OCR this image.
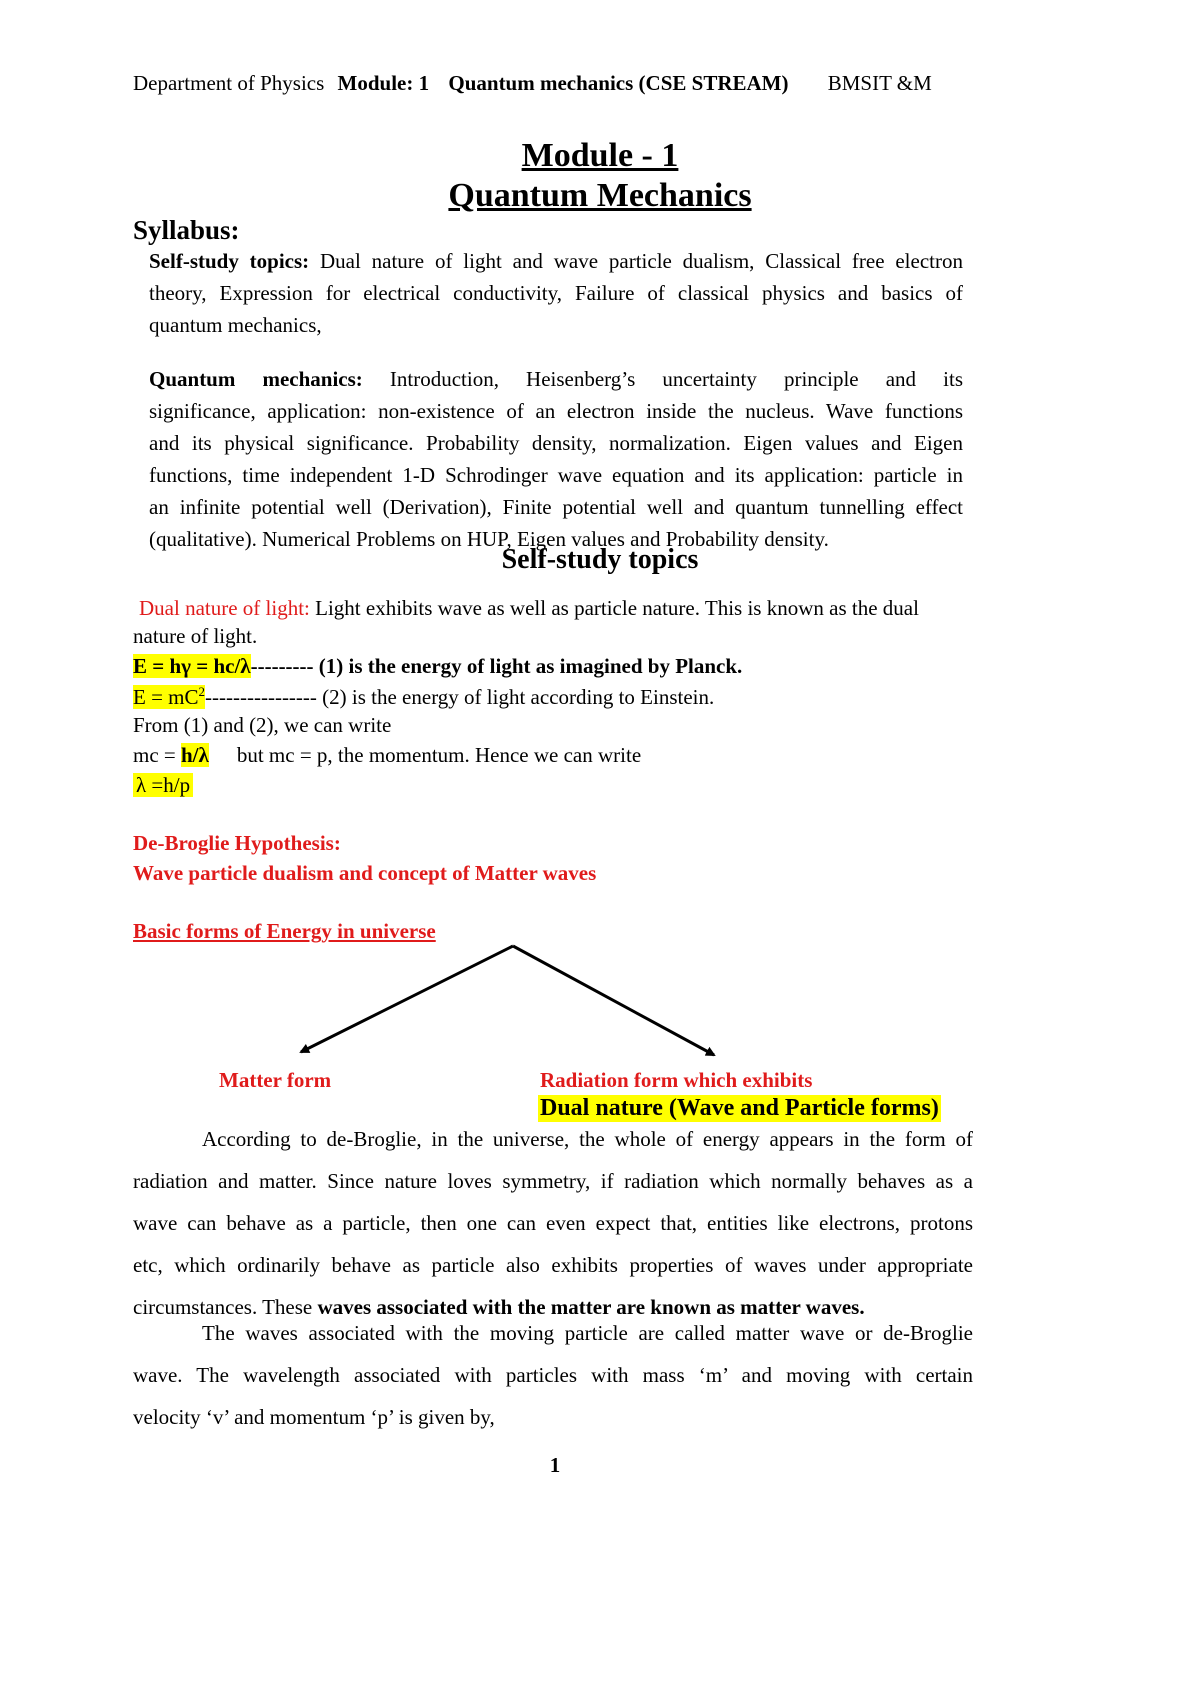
Department of Physics Module: 1 Quantum mechanics (CSE STREAM) BMSIT &M
Module - 1
Quantum Mechanics
Syllabus:
Self-study topics: Dual nature of light and wave particle dualism, Classical free electron
theory, Expression for electrical conductivity, Failure of classical physics and basics of
quantum mechanics,
Quantum mechanics: Introduction, Heisenberg’s uncertainty principle and its
significance, application: non-existence of an electron inside the nucleus. Wave functions
and its physical significance. Probability density, normalization. Eigen values and Eigen
functions, time independent 1-D Schrodinger wave equation and its application: particle in
an infinite potential well (Derivation), Finite potential well and quantum tunnelling effect
(qualitative). Numerical Problems on HUP, Eigen values and Probability density.
Self-study topics
Dual nature of light: Light exhibits wave as well as particle nature. This is known as the dual
nature of light.
E = hγ = hc/λ--------- (1) is the energy of light as imagined by Planck.
$E = mC^2----------------$ (2) is the energy of light according to Einstein.
From (1) and (2), we can write
mc = h/λ but mc = p, the momentum. Hence we can write
λ =h/p
De-Broglie Hypothesis:
Wave particle dualism and concept of Matter waves
Basic forms of Energy in universe
Matter form	Radiation form which exhibits
Dual nature (Wave and Particle forms)
According to de-Broglie, in the universe, the whole of energy appears in the form of
radiation and matter. Since nature loves symmetry, if radiation which normally behaves as a
wave can behave as a particle, then one can even expect that, entities like electrons, protons
etc, which ordinarily behave as particle also exhibits properties of waves under appropriate
circumstances. These waves associated with the matter are known as matter waves.
The waves associated with the moving particle are called matter wave or de-Broglie
wave. The wavelength associated with particles with mass ‘m’ and moving with certain
velocity ‘v’ and momentum ‘p’ is given by,
1
